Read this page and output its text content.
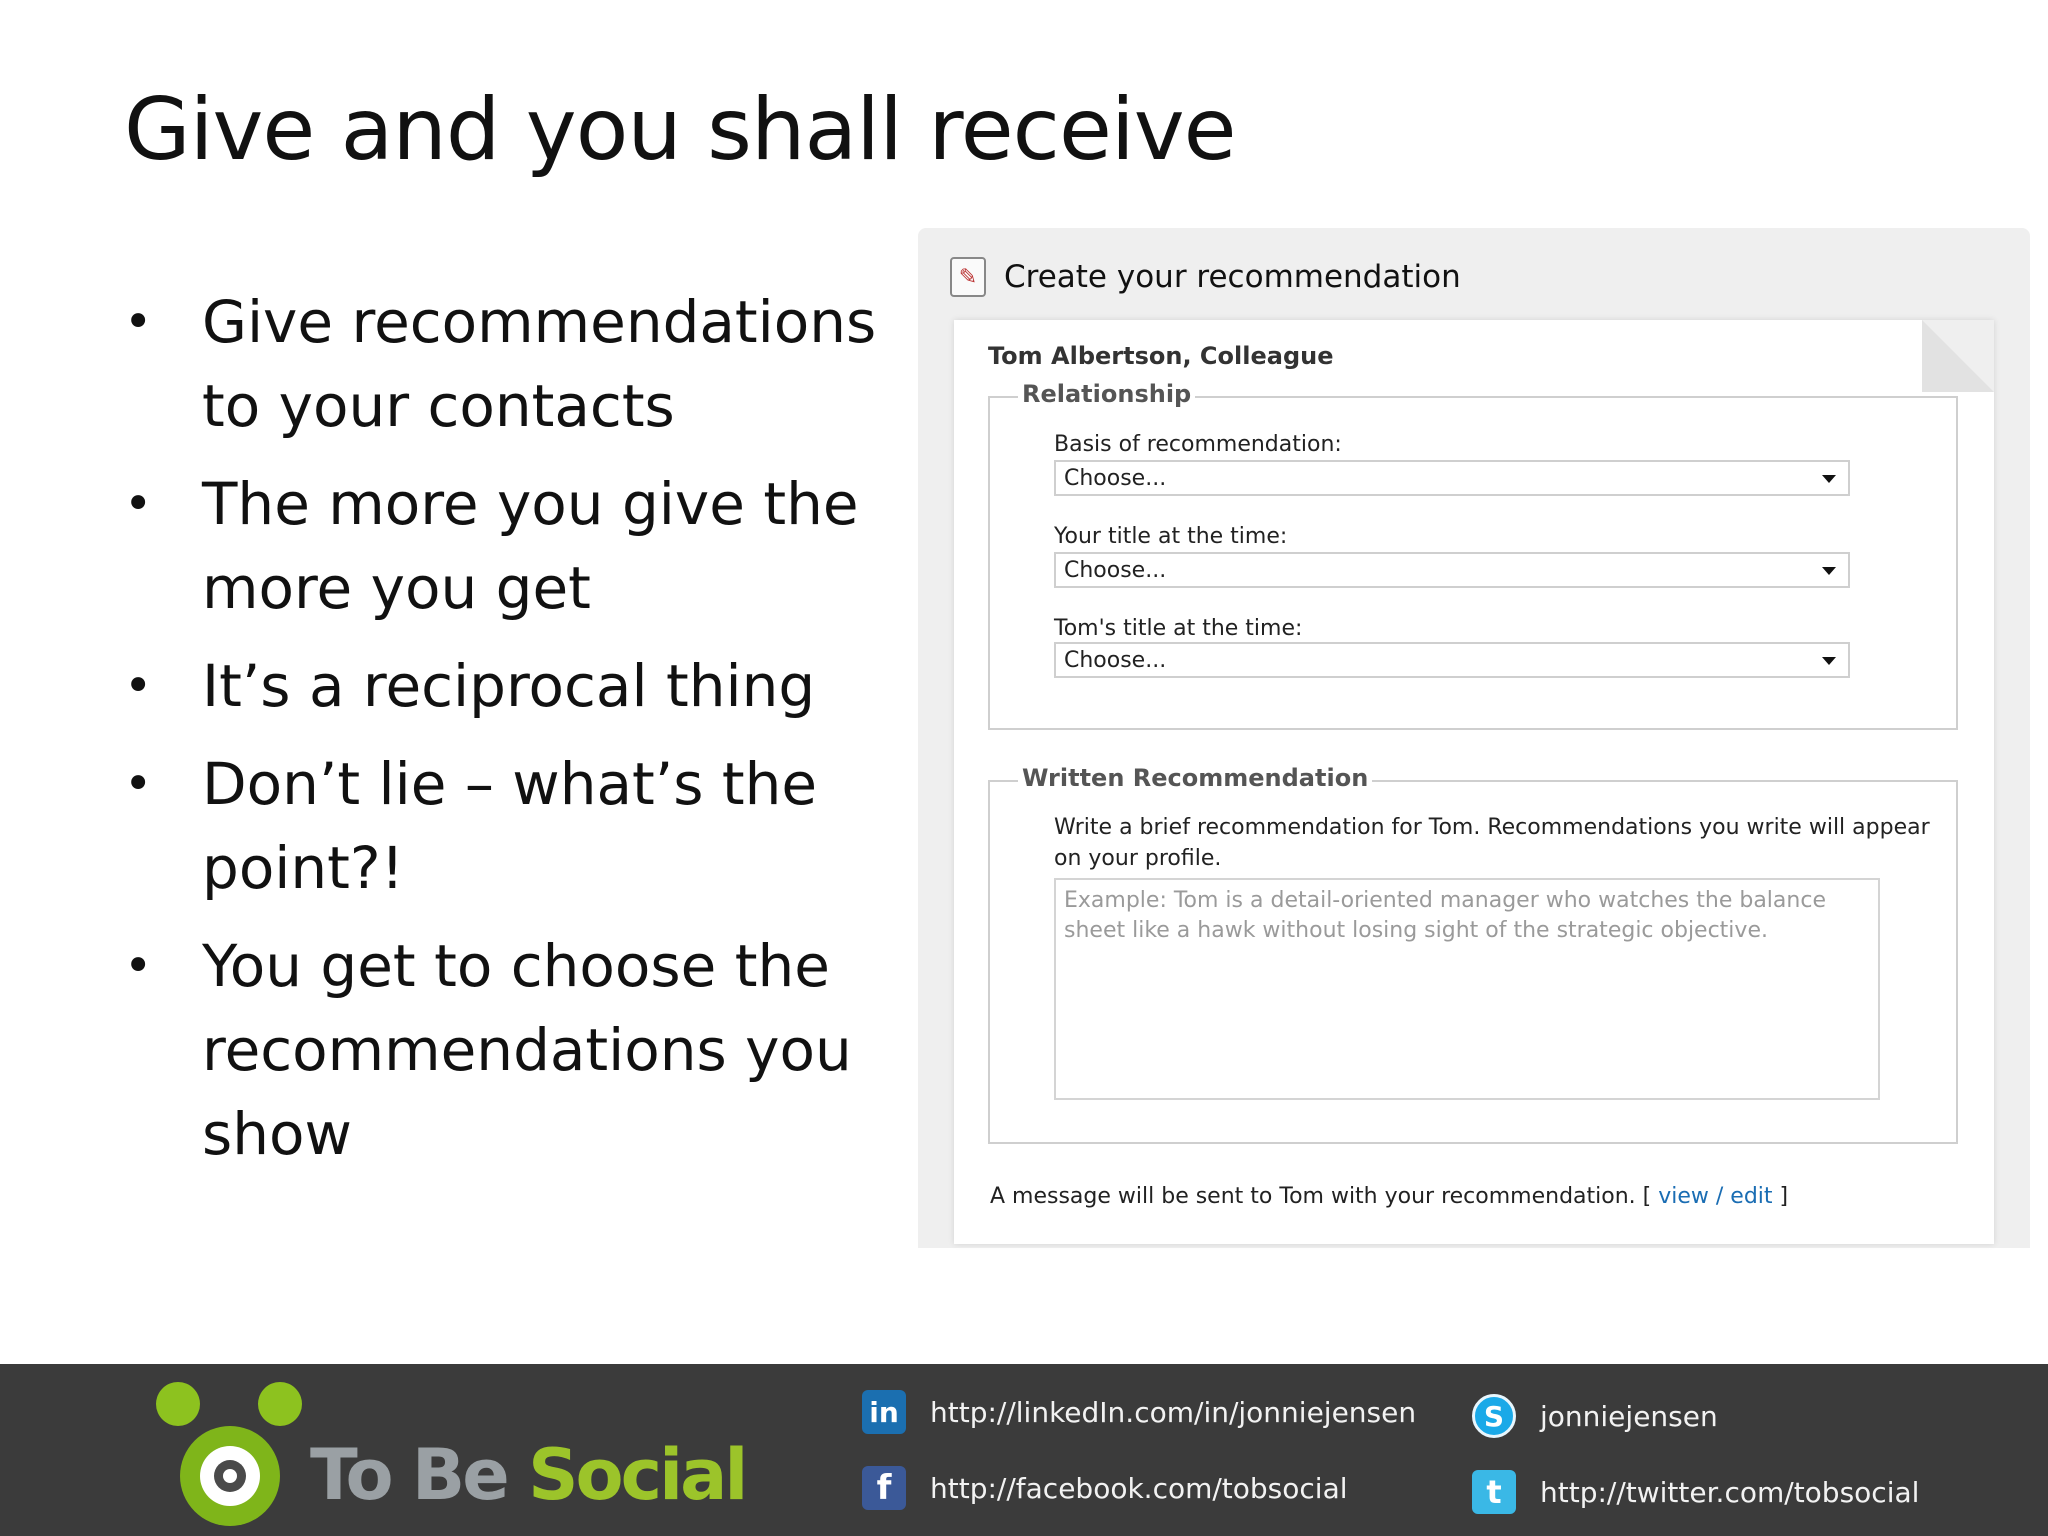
Give and you shall receive
• Give recommendations to your contacts
• The more you give the more you get
• It’s a reciprocal thing
• Don’t lie – what’s the point?!
• You get to choose the recommendations you show
✎ Create your recommendation
Tom Albertson, Colleague
Relationship
Basis of recommendation:
Choose...
Your title at the time:
Choose...
Tom's title at the time:
Choose...
Written Recommendation
Write a brief recommendation for Tom. Recommendations you write will appear on your profile.
Example: Tom is a detail-oriented manager who watches the balance sheet like a hawk without losing sight of the strategic objective.
A message will be sent to Tom with your recommendation. [ view / edit ]
To Be Social
in http://linkedIn.com/in/jonniejensen
f	http://facebook.com/tobsocial
S	jonniejensen
t	http://twitter.com/tobsocial
